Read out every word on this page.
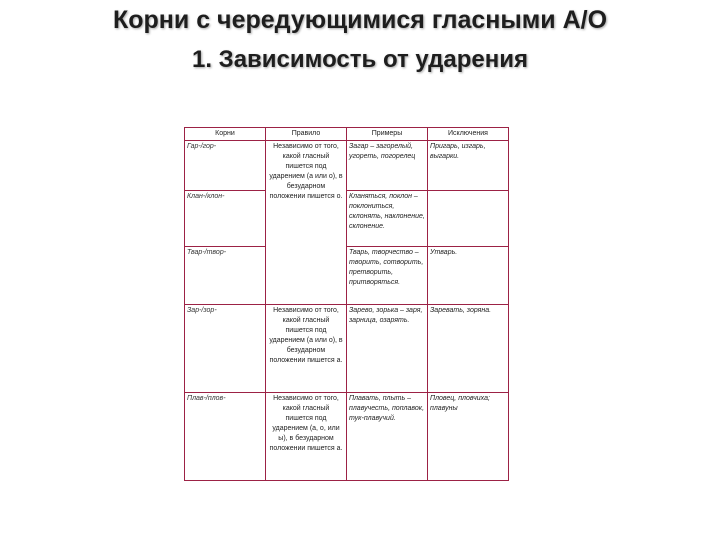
Корни с чередующимися гласными А/О
1. Зависимость от ударения
Корни	Правило	Примеры	Исключения
Гар-/гор-	Независимо от того, какой гласный пишется под ударением (а или о), в безударном положении пишется о.	Загар – загорелый, угореть, погорелец	Пригарь, изгарь, выгарки.
Клан-/клон-		Кланяться, поклон – поклониться, склонять, наклонение, склонение.	
Твар-/твор-		Тварь, творчество – творить, сотворить, претворить, притворяться.	Утварь.
Зар-/зор-	Независимо от того, какой гласный пишется под ударением (а или о), в безударном положении пишется а.	Зарево, зорька – заря, зарница, озарять.	Заревать, зоряна.
Плав-/плов-	Независимо от того, какой гласный пишется под ударением (а, о, или ы), в безударном положении пишется а.	Плавать, плыть – плавучесть, поплавок, тук-плавучий.	Пловец, пловчиха; плавуны
